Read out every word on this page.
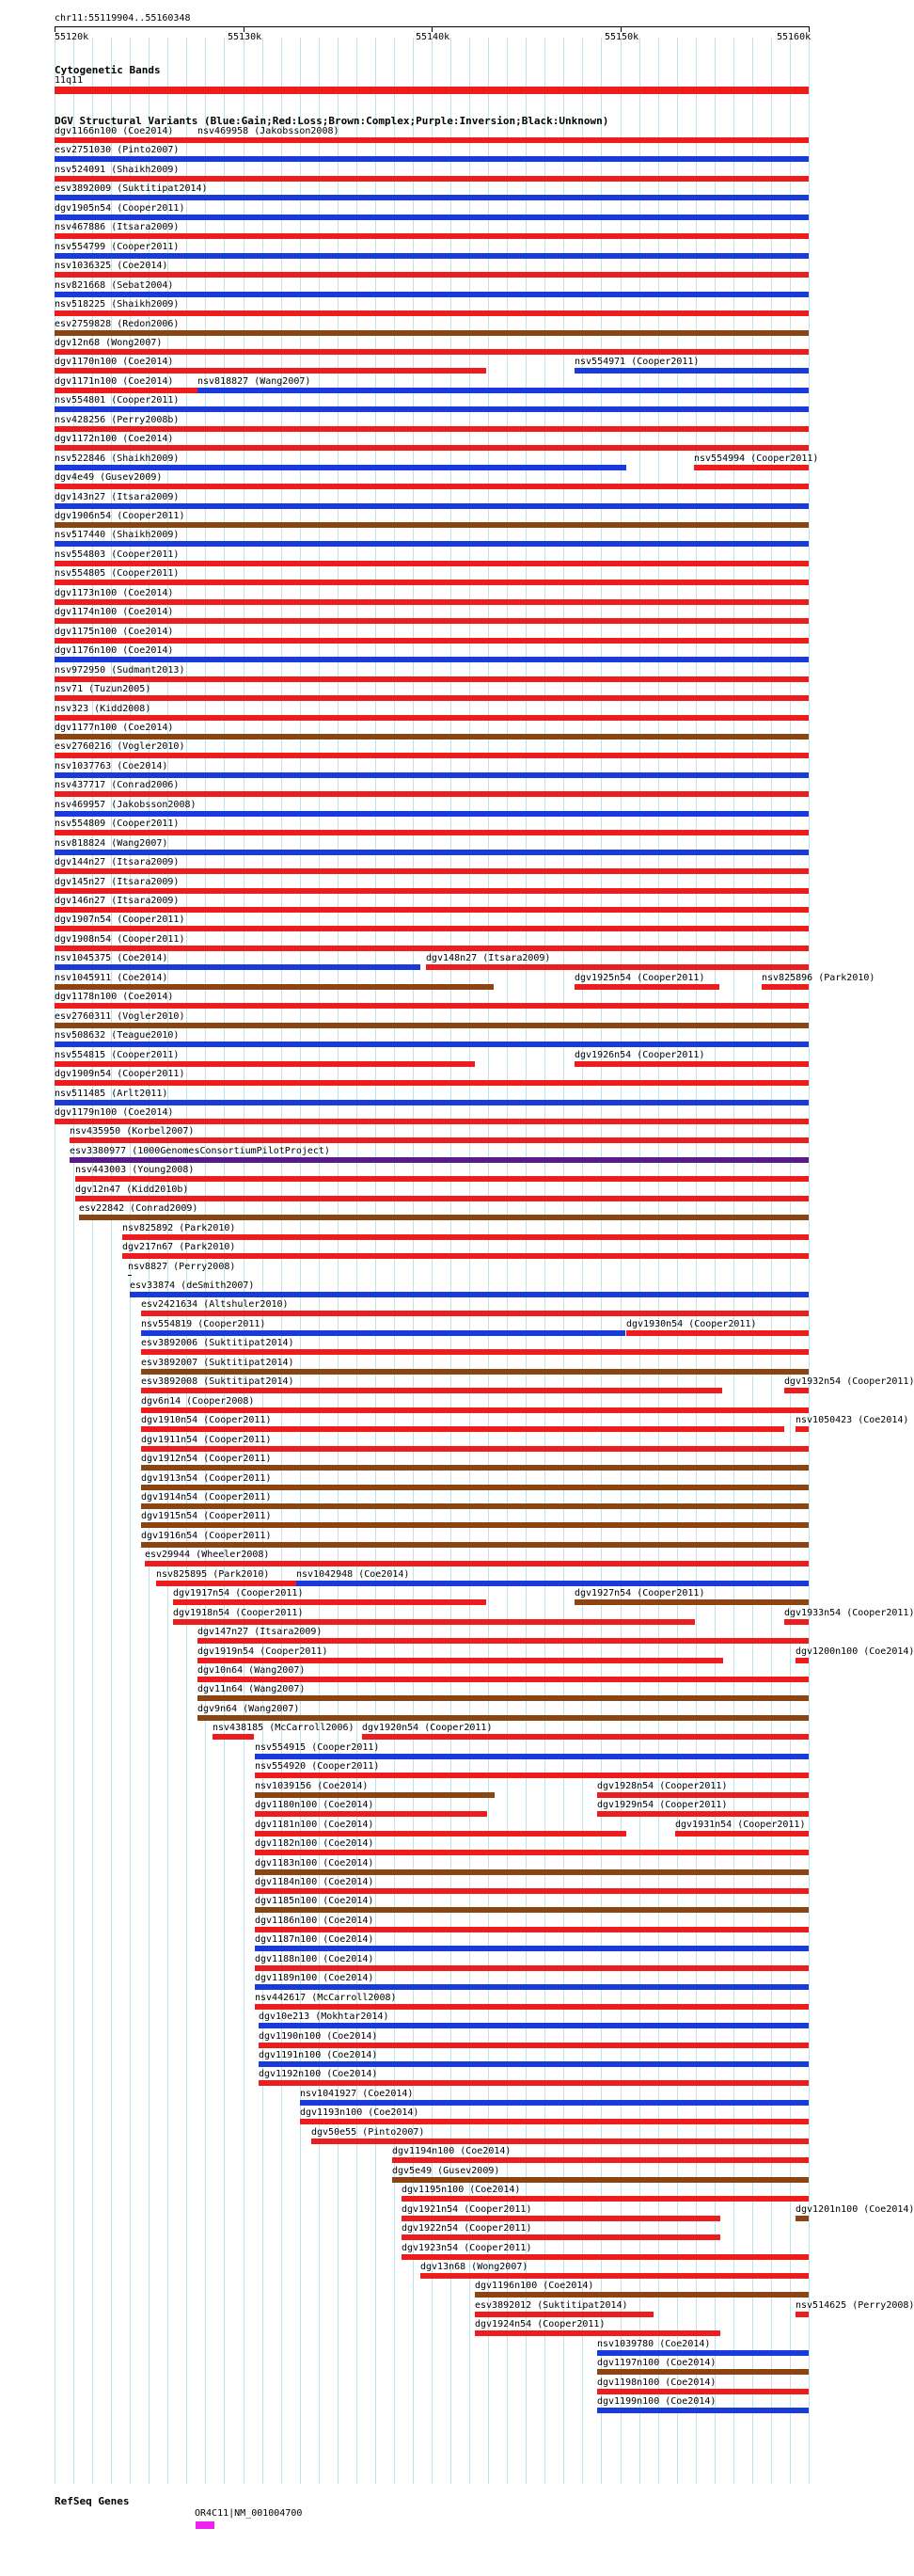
chr11:55119904..55160348
55120k	55130k	55140k	55150k	55160k
Cytogenetic Bands
11q11
DGV Structural Variants (Blue:Gain;Red:Loss;Brown:Complex;Purple:Inversion;Black:Unknown)
dgv1166n100 (Coe2014)	nsv469958 (Jakobsson2008)
esv2751030 (Pinto2007)
nsv524091 (Shaikh2009)
esv3892009 (Suktitipat2014)
dgv1905n54 (Cooper2011)
nsv467886 (Itsara2009)
nsv554799 (Cooper2011)
nsv1036325 (Coe2014)
nsv821668 (Sebat2004)
nsv518225 (Shaikh2009)
esv2759828 (Redon2006)
dgv12n68 (Wong2007)
dgv1170n100 (Coe2014)	nsv554971 (Cooper2011)
dgv1171n100 (Coe2014)	nsv818827 (Wang2007)
nsv554801 (Cooper2011)
nsv428256 (Perry2008b)
dgv1172n100 (Coe2014)
nsv522846 (Shaikh2009)	nsv554994 (Cooper2011)
dgv4e49 (Gusev2009)
dgv143n27 (Itsara2009)
dgv1906n54 (Cooper2011)
nsv517440 (Shaikh2009)
nsv554803 (Cooper2011)
nsv554805 (Cooper2011)
dgv1173n100 (Coe2014)
dgv1174n100 (Coe2014)
dgv1175n100 (Coe2014)
dgv1176n100 (Coe2014)
nsv972950 (Sudmant2013)
nsv71 (Tuzun2005)
nsv323 (Kidd2008)
dgv1177n100 (Coe2014)
esv2760216 (Vogler2010)
nsv1037763 (Coe2014)
nsv437717 (Conrad2006)
nsv469957 (Jakobsson2008)
nsv554809 (Cooper2011)
nsv818824 (Wang2007)
dgv144n27 (Itsara2009)
dgv145n27 (Itsara2009)
dgv146n27 (Itsara2009)
dgv1907n54 (Cooper2011)
dgv1908n54 (Cooper2011)
nsv1045375 (Coe2014)	dgv148n27 (Itsara2009)
nsv1045911 (Coe2014)	dgv1925n54 (Cooper2011)	nsv825896 (Park2010)
dgv1178n100 (Coe2014)
esv2760311 (Vogler2010)
nsv508632 (Teague2010)
nsv554815 (Cooper2011)	dgv1926n54 (Cooper2011)
dgv1909n54 (Cooper2011)
nsv511485 (Arlt2011)
dgv1179n100 (Coe2014)
nsv435950 (Korbel2007)
esv3380977 (1000GenomesConsortiumPilotProject)
nsv443003 (Young2008)
dgv12n47 (Kidd2010b)
esv22842 (Conrad2009)
nsv825892 (Park2010)
dgv217n67 (Park2010)
nsv8827 (Perry2008)
esv33874 (deSmith2007)
esv2421634 (Altshuler2010)
nsv554819 (Cooper2011)	dgv1930n54 (Cooper2011)
esv3892006 (Suktitipat2014)
esv3892007 (Suktitipat2014)
esv3892008 (Suktitipat2014)	dgv1932n54 (Cooper2011)
dgv6n14 (Cooper2008)
dgv1910n54 (Cooper2011)	nsv1050423 (Coe2014)
dgv1911n54 (Cooper2011)
dgv1912n54 (Cooper2011)
dgv1913n54 (Cooper2011)
dgv1914n54 (Cooper2011)
dgv1915n54 (Cooper2011)
dgv1916n54 (Cooper2011)
esv29944 (Wheeler2008)
nsv825895 (Park2010)	nsv1042948 (Coe2014)
dgv1917n54 (Cooper2011)	dgv1927n54 (Cooper2011)
dgv1918n54 (Cooper2011)	dgv1933n54 (Cooper2011)
dgv147n27 (Itsara2009)
dgv1919n54 (Cooper2011)	dgv1200n100 (Coe2014)
dgv10n64 (Wang2007)
dgv11n64 (Wang2007)
dgv9n64 (Wang2007)
nsv438185 (McCarroll2006) dgv1920n54 (Cooper2011)
nsv554915 (Cooper2011)
nsv554920 (Cooper2011)
nsv1039156 (Coe2014)	dgv1928n54 (Cooper2011)
dgv1180n100 (Coe2014)	dgv1929n54 (Cooper2011)
dgv1181n100 (Coe2014)	dgv1931n54 (Cooper2011)
dgv1182n100 (Coe2014)
dgv1183n100 (Coe2014)
dgv1184n100 (Coe2014)
dgv1185n100 (Coe2014)
dgv1186n100 (Coe2014)
dgv1187n100 (Coe2014)
dgv1188n100 (Coe2014)
dgv1189n100 (Coe2014)
nsv442617 (McCarroll2008)
dgv10e213 (Mokhtar2014)
dgv1190n100 (Coe2014)
dgv1191n100 (Coe2014)
dgv1192n100 (Coe2014)
nsv1041927 (Coe2014)
dgv1193n100 (Coe2014)
dgv50e55 (Pinto2007)
dgv1194n100 (Coe2014)
dgv5e49 (Gusev2009)
dgv1195n100 (Coe2014)
dgv1921n54 (Cooper2011)	dgv1201n100 (Coe2014)
dgv1922n54 (Cooper2011)
dgv1923n54 (Cooper2011)
dgv13n68 (Wong2007)
dgv1196n100 (Coe2014)
esv3892012 (Suktitipat2014)	nsv514625 (Perry2008)
dgv1924n54 (Cooper2011)
nsv1039780 (Coe2014)
dgv1197n100 (Coe2014)
dgv1198n100 (Coe2014)
dgv1199n100 (Coe2014)
RefSeq Genes
OR4C11|NM_001004700
